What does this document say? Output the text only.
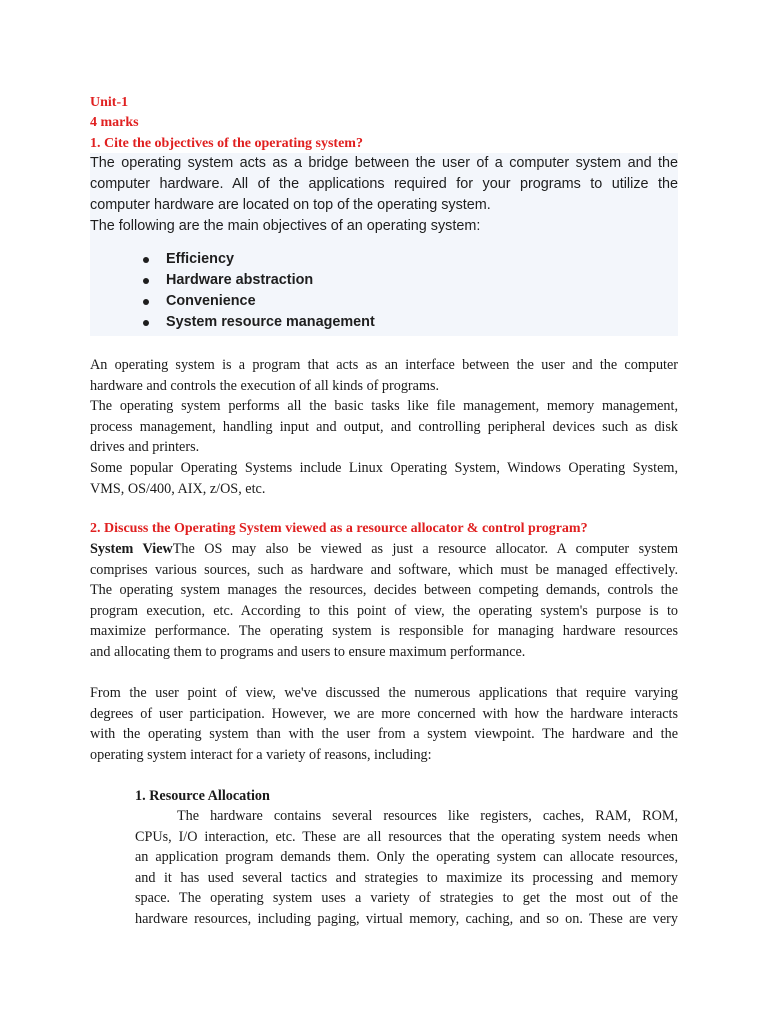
Unit-1
4 marks
1. Cite the objectives of the operating system?
The operating system acts as a bridge between the user of a computer system and the
computer hardware. All of the applications required for your programs to utilize the
computer hardware are located on top of the operating system.
The following are the main objectives of an operating system:
Efficiency
Hardware abstraction
Convenience
System resource management
An operating system is a program that acts as an interface between the user and the computer
hardware and controls the execution of all kinds of programs.
The operating system performs all the basic tasks like file management, memory management,
process management, handling input and output, and controlling peripheral devices such as disk
drives and printers.
Some popular Operating Systems include Linux Operating System, Windows Operating System,
VMS, OS/400, AIX, z/OS, etc.
2. Discuss the Operating System viewed as a resource allocator & control program?
System ViewThe OS may also be viewed as just a resource allocator. A computer system
comprises various sources, such as hardware and software, which must be managed effectively.
The operating system manages the resources, decides between competing demands, controls the
program execution, etc. According to this point of view, the operating system's purpose is to
maximize performance. The operating system is responsible for managing hardware resources
and allocating them to programs and users to ensure maximum performance.
From the user point of view, we've discussed the numerous applications that require varying
degrees of user participation. However, we are more concerned with how the hardware interacts
with the operating system than with the user from a system viewpoint. The hardware and the
operating system interact for a variety of reasons, including:
1. Resource Allocation
The hardware contains several resources like registers, caches, RAM, ROM,
CPUs, I/O interaction, etc. These are all resources that the operating system needs when
an application program demands them. Only the operating system can allocate resources,
and it has used several tactics and strategies to maximize its processing and memory
space. The operating system uses a variety of strategies to get the most out of the
hardware resources, including paging, virtual memory, caching, and so on. These are very
